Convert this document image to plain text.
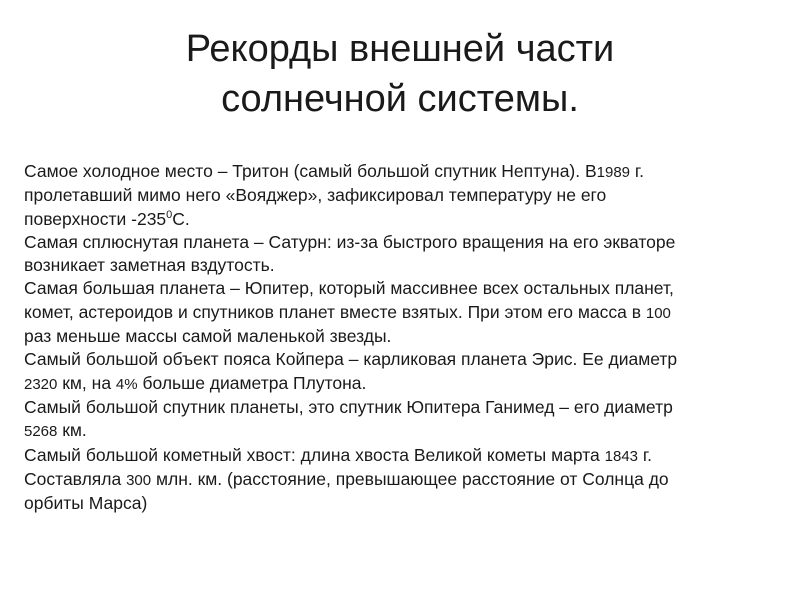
Рекорды внешней части
солнечной системы.
Самое холодное место – Тритон (самый большой спутник Нептуна). В1989 г.
пролетавший мимо него «Вояджер», зафиксировал температуру не его
поверхности $-235^0С$.
Самая сплюснутая планета – Сатурн: из-за быстрого вращения на его экваторе
возникает заметная вздутость.
Самая большая планета – Юпитер, который массивнее всех остальных планет,
комет, астероидов и спутников планет вместе взятых. При этом его масса в 100
раз меньше массы самой маленькой звезды.
Самый большой объект пояса Койпера – карликовая планета Эрис. Ее диаметр
2320 км, на 4% больше диаметра Плутона.
Самый большой спутник планеты, это спутник Юпитера Ганимед – его диаметр
5268 км.
Самый большой кометный хвост: длина хвоста Великой кометы марта 1843 г.
Составляла 300 млн. км. (расстояние, превышающее расстояние от Солнца до
орбиты Марса)
